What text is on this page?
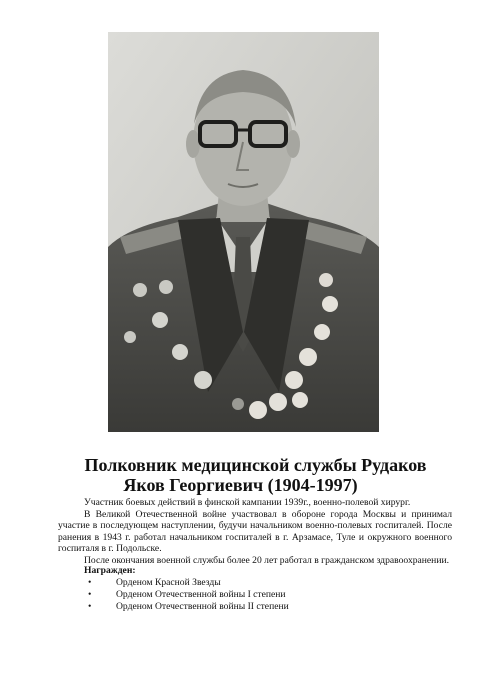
Полковник медицинской службы Рудаков
Яков Георгиевич (1904-1997)

Участник боевых действий в финской кампании 1939г., военно-полевой хирург.

В Великой Отечественной войне участвовал в обороне города Москвы и принимал участие в последующем наступлении, будучи начальником военно-полевых госпиталей. После ранения в 1943 г. работал начальником госпиталей в г. Арзамасе, Туле и окружного военного госпиталя в г. Подольске.

После окончания военной службы более 20 лет работал в гражданском здравоохранении.

Награжден:
•	Орденом Красной Звезды
•	Орденом Отечественной войны I степени
•	Орденом Отечественной войны II степени
